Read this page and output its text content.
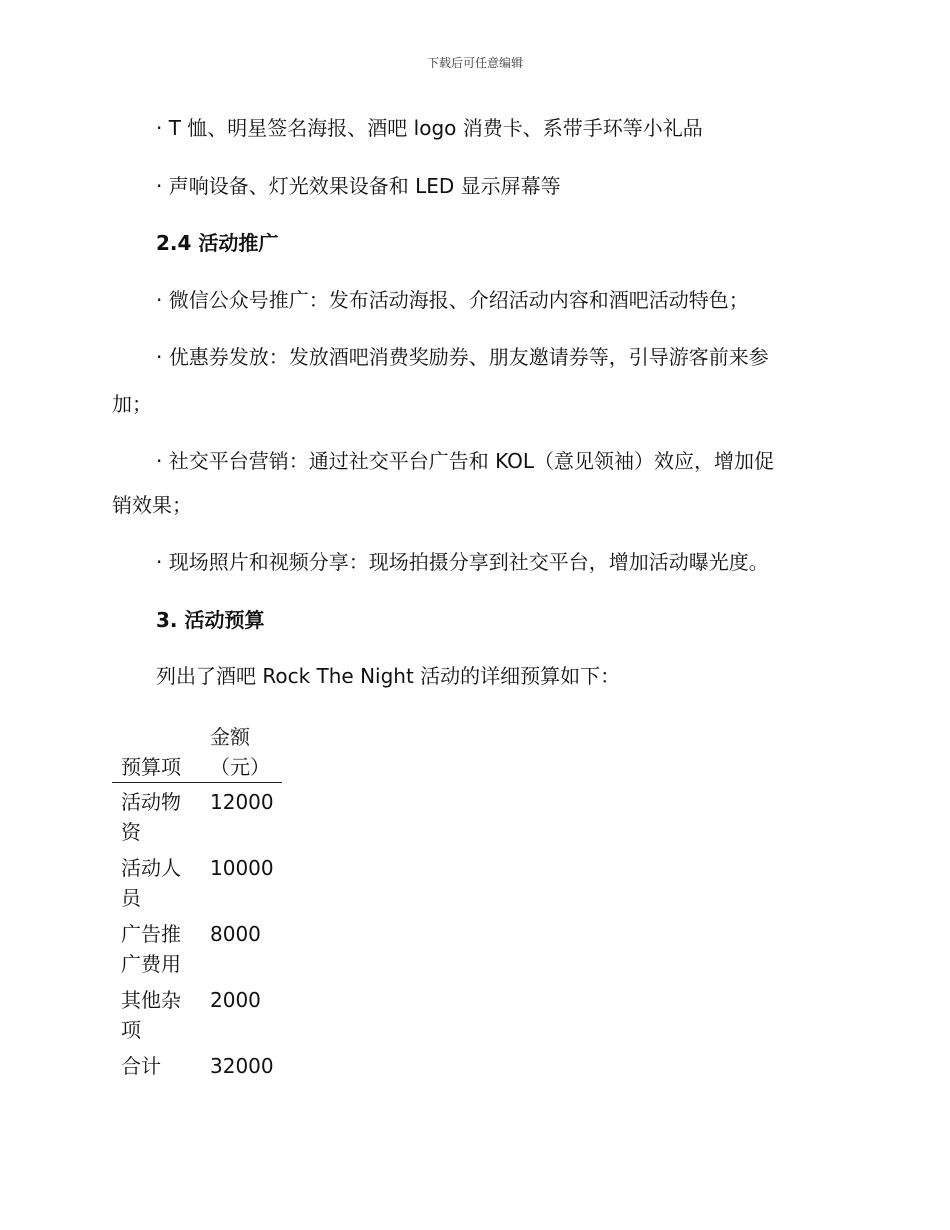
下载后可任意编辑
· T 恤、明星签名海报、酒吧 logo 消费卡、系带手环等小礼品
· 声响设备、灯光效果设备和 LED 显示屏幕等
2.4 活动推广
· 微信公众号推广：发布活动海报、介绍活动内容和酒吧活动特色；
· 优惠券发放：发放酒吧消费奖励券、朋友邀请券等，引导游客前来参
加；
· 社交平台营销：通过社交平台广告和 KOL（意见领袖）效应，增加促
销效果；
· 现场照片和视频分享：现场拍摄分享到社交平台，增加活动曝光度。
3. 活动预算
列出了酒吧 Rock The Night 活动的详细预算如下：
预算项	金额（元）
活动物资	12000
活动人员	10000
广告推广费用	8000
其他杂项	2000
合计	32000
